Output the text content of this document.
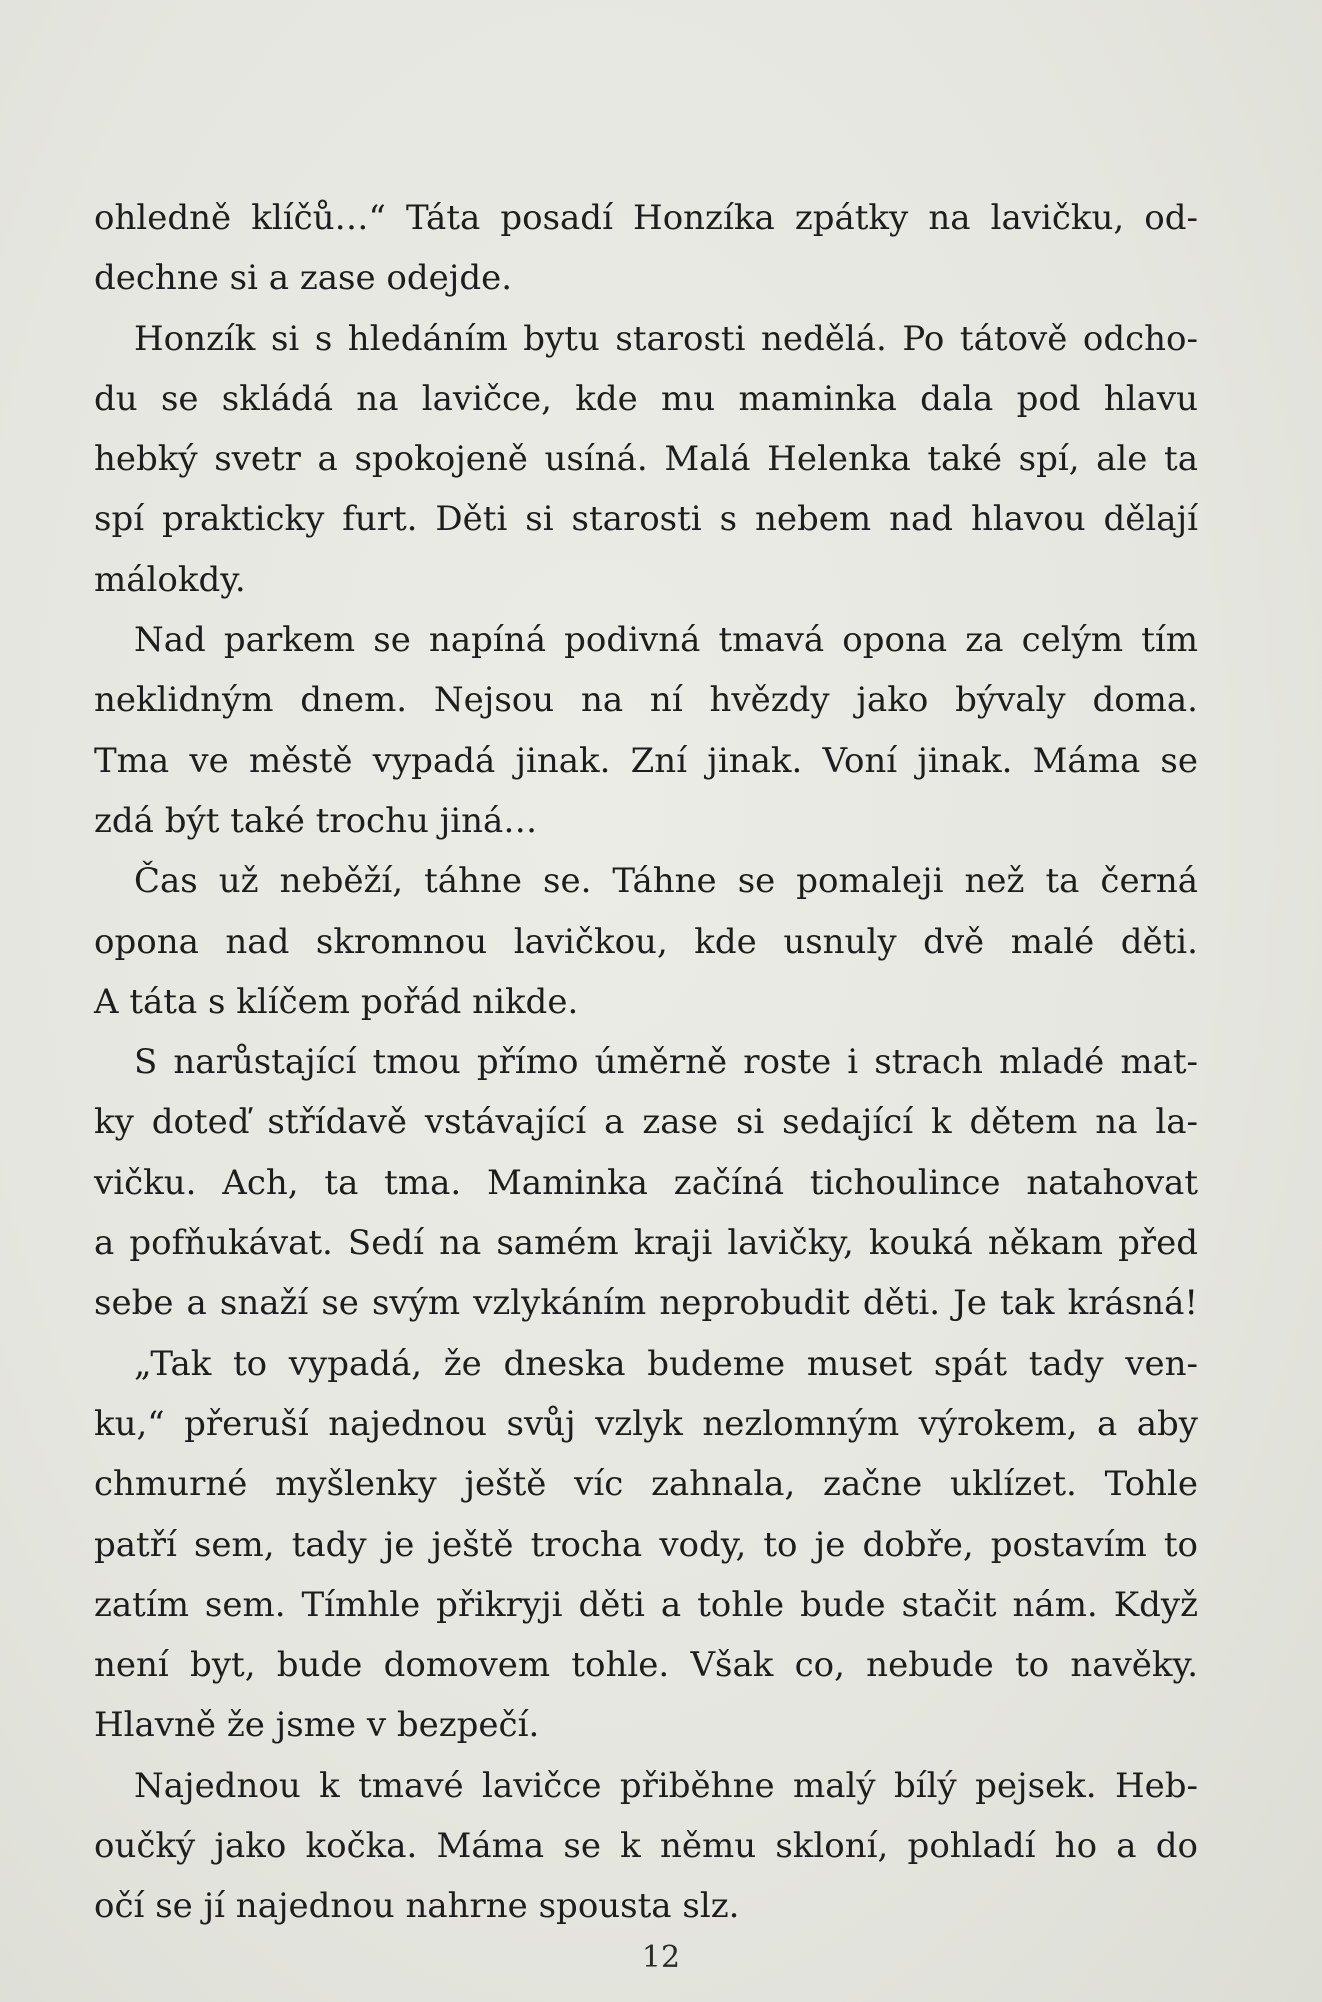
ohledně klíčů…“ Táta posadí Honzíka zpátky na lavičku, od-
dechne si a zase odejde.
Honzík si s hledáním bytu starosti nedělá. Po tátově odcho-
du se skládá na lavičce, kde mu maminka dala pod hlavu
hebký svetr a spokojeně usíná. Malá Helenka také spí, ale ta
spí prakticky furt. Děti si starosti s nebem nad hlavou dělají
málokdy.
Nad parkem se napíná podivná tmavá opona za celým tím
neklidným dnem. Nejsou na ní hvězdy jako bývaly doma.
Tma ve městě vypadá jinak. Zní jinak. Voní jinak. Máma se
zdá být také trochu jiná…
Čas už neběží, táhne se. Táhne se pomaleji než ta černá
opona nad skromnou lavičkou, kde usnuly dvě malé děti.
A táta s klíčem pořád nikde.
S narůstající tmou přímo úměrně roste i strach mladé mat-
ky doteď střídavě vstávající a zase si sedající k dětem na la-
vičku. Ach, ta tma. Maminka začíná tichoulince natahovat
a pofňukávat. Sedí na samém kraji lavičky, kouká někam před
sebe a snaží se svým vzlykáním neprobudit děti. Je tak krásná!
„Tak to vypadá, že dneska budeme muset spát tady ven-
ku,“ přeruší najednou svůj vzlyk nezlomným výrokem, a aby
chmurné myšlenky ještě víc zahnala, začne uklízet. Tohle
patří sem, tady je ještě trocha vody, to je dobře, postavím to
zatím sem. Tímhle přikryji děti a tohle bude stačit nám. Když
není byt, bude domovem tohle. Však co, nebude to navěky.
Hlavně že jsme v bezpečí.
Najednou k tmavé lavičce přiběhne malý bílý pejsek. Heb-
oučký jako kočka. Máma se k němu skloní, pohladí ho a do
očí se jí najednou nahrne spousta slz.
12
